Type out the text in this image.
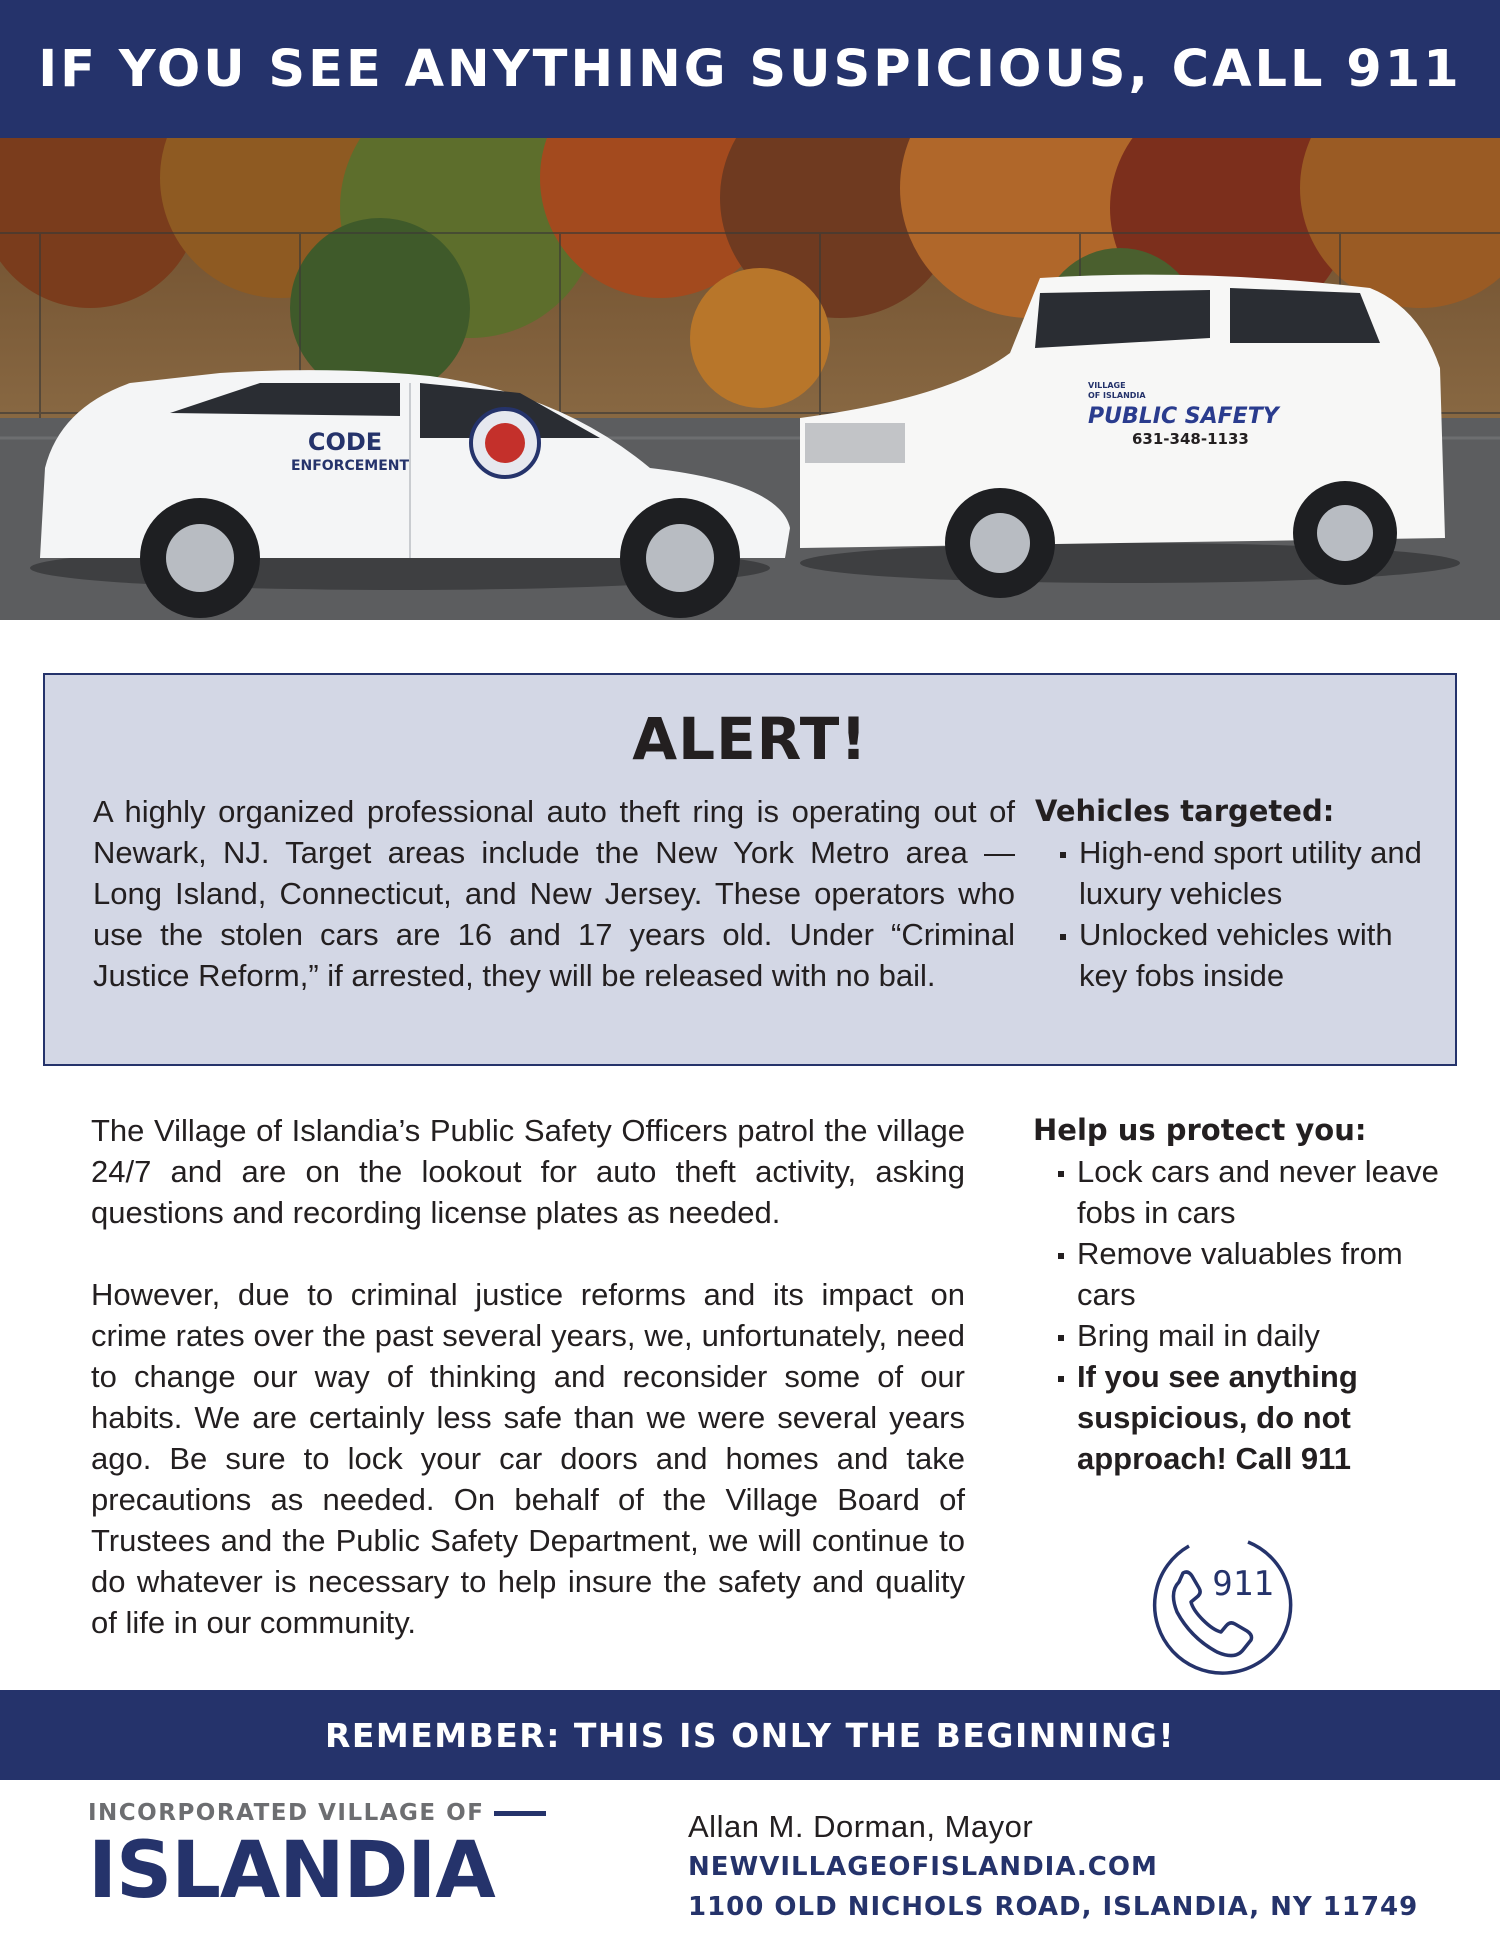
IF YOU SEE ANYTHING SUSPICIOUS, CALL 911
CODE
ENFORCEMENT
VILLAGE
OF ISLANDIA
PUBLIC SAFETY
631-348-1133
ALERT!

A highly organized professional auto theft ring is operating out of Newark, NJ. Target areas include the New York Metro area — Long Island, Connecticut, and New Jersey. These operators who use the stolen cars are 16 and 17 years old. Under “Criminal Justice Reform,” if arrested, they will be released with no bail.

Vehicles targeted:
High-end sport utility and luxury vehicles
Unlocked vehicles with key fobs inside

The Village of Islandia’s Public Safety Officers patrol the village 24/7 and are on the lookout for auto theft activity, asking questions and recording license plates as needed.

However, due to criminal justice reforms and its impact on crime rates over the past several years, we, unfortunately, need to change our way of thinking and reconsider some of our habits. We are certainly less safe than we were several years ago. Be sure to lock your car doors and homes and take precautions as needed. On behalf of the Village Board of Trustees and the Public Safety Department, we will continue to do whatever is necessary to help insure the safety and quality of life in our community.

Help us protect you:
Lock cars and never leave fobs in cars
Remove valuables from cars
Bring mail in daily
If you see anything suspicious, do not approach! Call 911
911
REMEMBER: THIS IS ONLY THE BEGINNING!
INCORPORATED VILLAGE OF
ISLANDIA	Allan M. Dorman, Mayor
NEWVILLAGEOFISLANDIA.COM
1100 OLD NICHOLS ROAD, ISLANDIA, NY 11749
